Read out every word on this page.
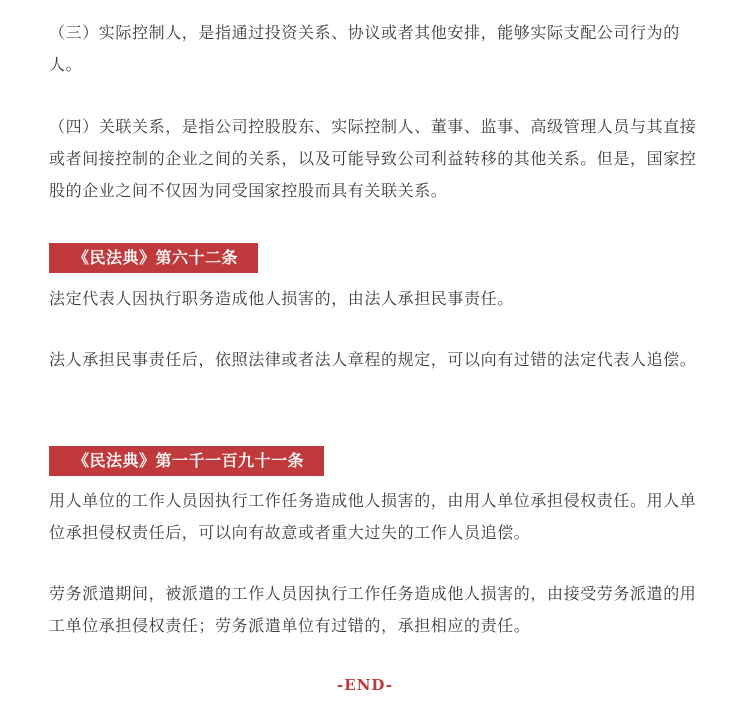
（三）实际控制人，是指通过投资关系、协议或者其他安排，能够实际支配公司行为的人。

（四）关联关系，是指公司控股股东、实际控制人、董事、监事、高级管理人员与其直接或者间接控制的企业之间的关系，以及可能导致公司利益转移的其他关系。但是，国家控股的企业之间不仅因为同受国家控股而具有关联关系。

《民法典》第六十二条

法定代表人因执行职务造成他人损害的，由法人承担民事责任。

法人承担民事责任后，依照法律或者法人章程的规定，可以向有过错的法定代表人追偿。

《民法典》第一千一百九十一条

用人单位的工作人员因执行工作任务造成他人损害的，由用人单位承担侵权责任。用人单位承担侵权责任后，可以向有故意或者重大过失的工作人员追偿。

劳务派遣期间，被派遣的工作人员因执行工作任务造成他人损害的，由接受劳务派遣的用工单位承担侵权责任；劳务派遣单位有过错的，承担相应的责任。

-END-
